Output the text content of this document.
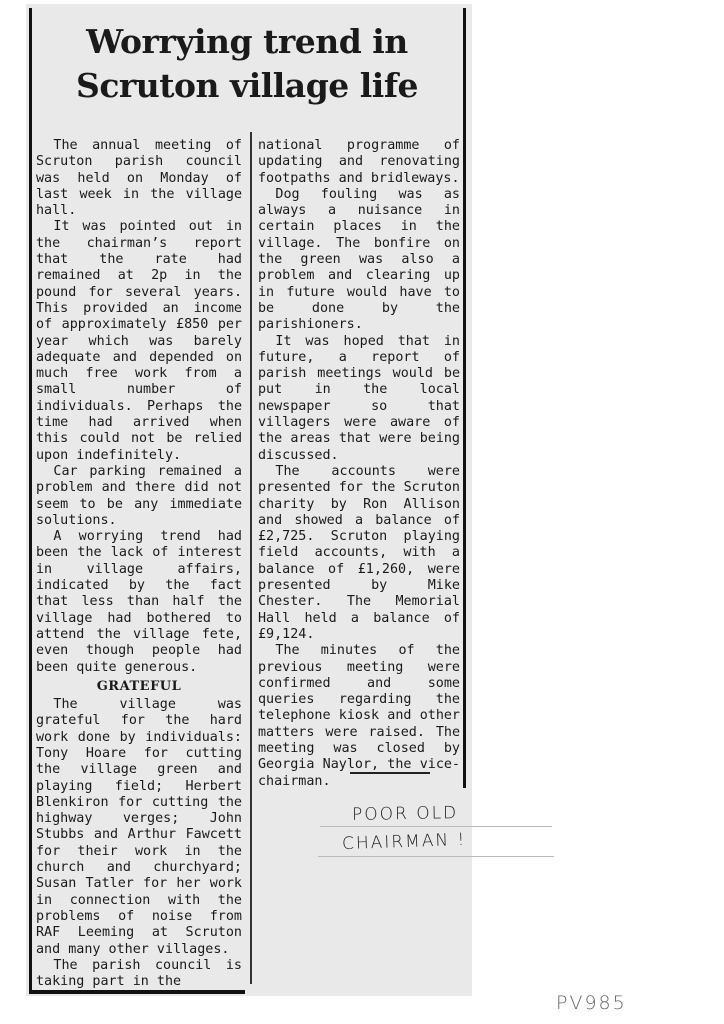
Worrying trend in
Scruton village life

The annual meeting of Scruton parish council was held on Monday of last week in the village hall.

It was pointed out in the chairman’s report that the rate had remained at 2p in the pound for several years. This provided an income of approximately £850 per year which was barely adequate and depended on much free work from a small number of individuals. Perhaps the time had arrived when this could not be relied upon indefinitely.

Car parking remained a problem and there did not seem to be any immediate solutions.

A worrying trend had been the lack of interest in village affairs, indicated by the fact that less than half the village had bothered to attend the village fete, even though people had been quite generous.

GRATEFUL

The village was grateful for the hard work done by individuals: Tony Hoare for cutting the village green and playing field; Herbert Blenkiron for cutting the highway verges; John Stubbs and Arthur Fawcett for their work in the church and churchyard; Susan Tatler for her work in connection with the problems of noise from RAF Leeming at Scruton and many other villages.

The parish council is taking part in the

national programme of updating and renovating footpaths and bridleways.

Dog fouling was as always a nuisance in certain places in the village. The bonfire on the green was also a problem and clearing up in future would have to be done by the parishioners.

It was hoped that in future, a report of parish meetings would be put in the local newspaper so that villagers were aware of the areas that were being discussed.

The accounts were presented for the Scruton charity by Ron Allison and showed a balance of £2,725. Scruton playing field accounts, with a balance of £1,260, were presented by Mike Chester. The Memorial Hall held a balance of £9,124.

The minutes of the previous meeting were confirmed and some queries regarding the telephone kiosk and other matters were raised. The meeting was closed by Georgia Naylor, the vice-chairman.

POOR OLD
CHAIRMAN !
PV985
